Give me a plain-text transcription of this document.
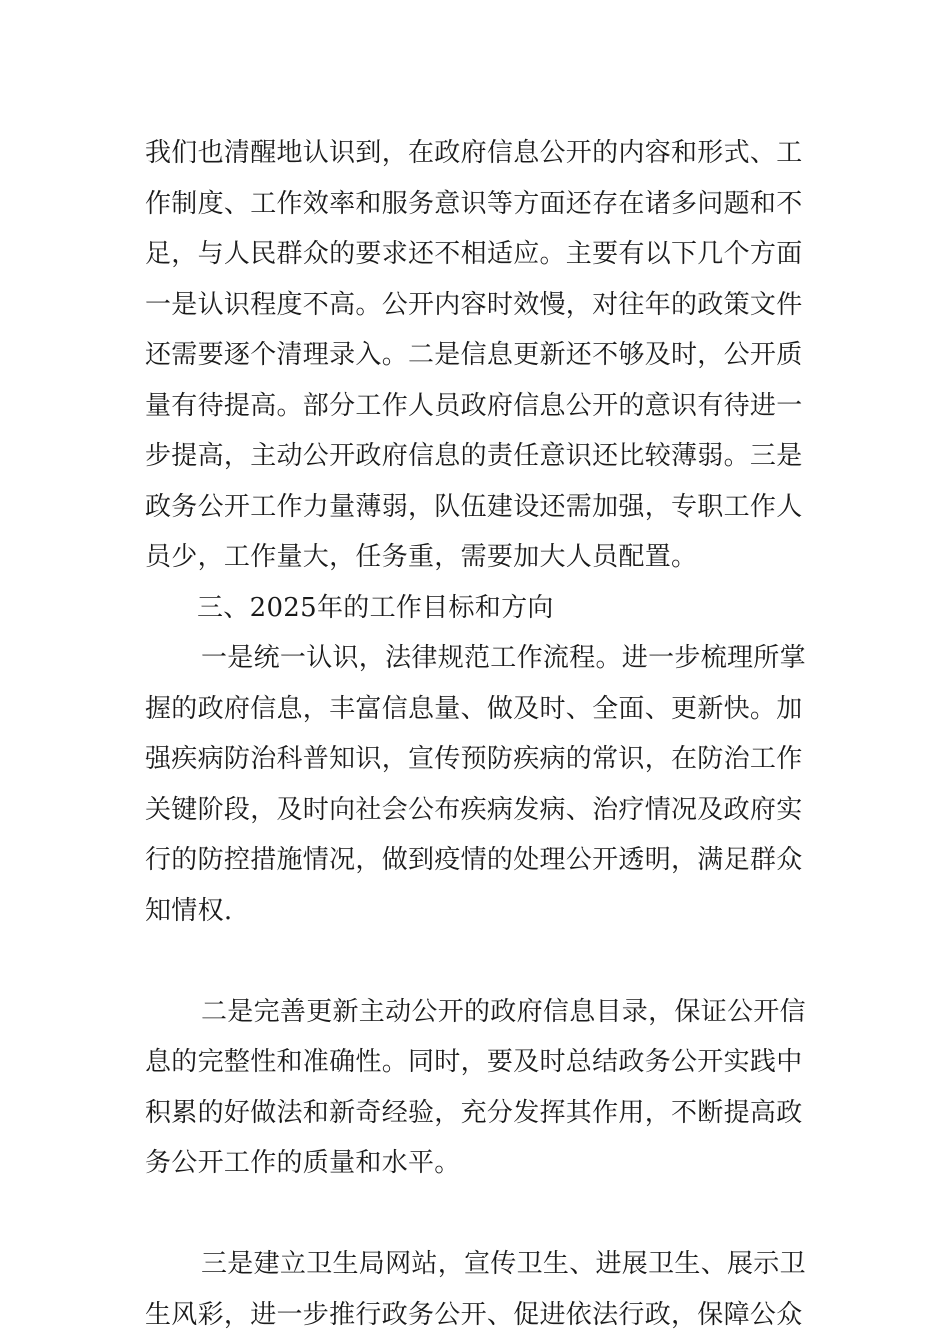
我们也清醒地认识到，在政府信息公开的内容和形式、工
作制度、工作效率和服务意识等方面还存在诸多问题和不
足，与人民群众的要求还不相适应。主要有以下几个方面
一是认识程度不高。公开内容时效慢，对往年的政策文件
还需要逐个清理录入。二是信息更新还不够及时，公开质
量有待提高。部分工作人员政府信息公开的意识有待进一
步提高，主动公开政府信息的责任意识还比较薄弱。三是
政务公开工作力量薄弱，队伍建设还需加强，专职工作人
员少，工作量大，任务重，需要加大人员配置。
三、2025年的工作目标和方向
一是统一认识，法律规范工作流程。进一步梳理所掌
握的政府信息，丰富信息量、做及时、全面、更新快。加
强疾病防治科普知识，宣传预防疾病的常识，在防治工作
关键阶段，及时向社会公布疾病发病、治疗情况及政府实
行的防控措施情况，做到疫情的处理公开透明，满足群众
知情权.
二是完善更新主动公开的政府信息目录，保证公开信
息的完整性和准确性。同时，要及时总结政务公开实践中
积累的好做法和新奇经验，充分发挥其作用，不断提高政
务公开工作的质量和水平。
三是建立卫生局网站，宣传卫生、进展卫生、展示卫
生风彩，进一步推行政务公开、促进依法行政，保障公众
